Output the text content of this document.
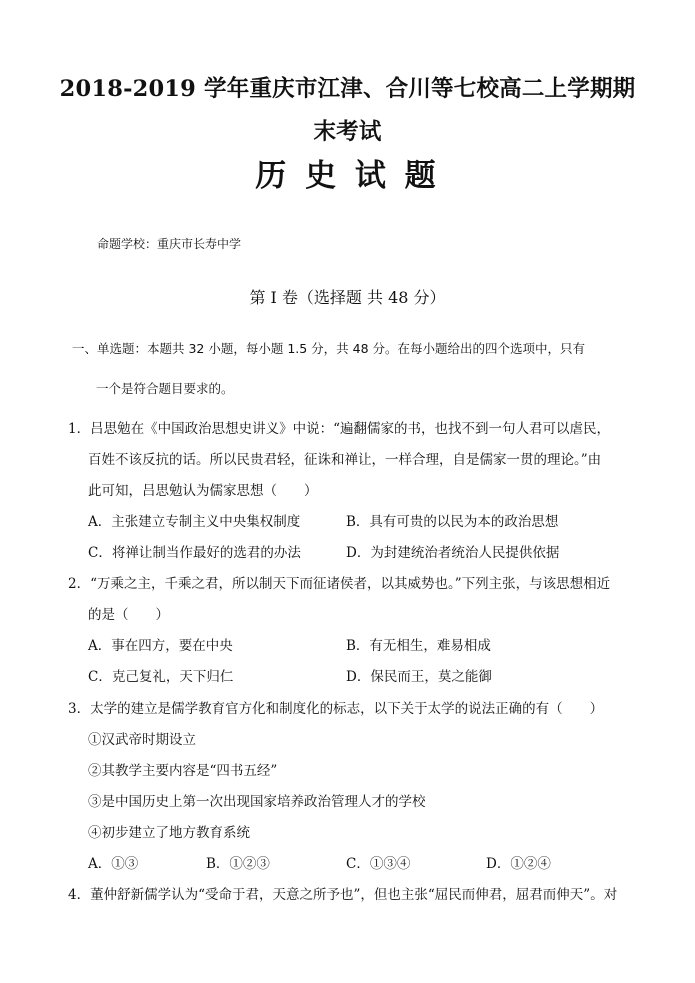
2018-2019 学年重庆市江津、合川等七校高二上学期期
末考试
历 史 试 题
命题学校：重庆市长寿中学
第 I 卷（选择题 共 48 分）
一、单选题：本题共 32 小题，每小题 1.5 分，共 48 分。在每小题给出的四个选项中，只有
一个是符合题目要求的。
1．吕思勉在《中国政治思想史讲义》中说：“遍翻儒家的书，也找不到一句人君可以虐民，
百姓不该反抗的话。所以民贵君轻，征诛和禅让，一样合理，自是儒家一贯的理论。”由
此可知，吕思勉认为儒家思想（　　）
A．主张建立专制主义中央集权制度	B．具有可贵的以民为本的政治思想
C．将禅让制当作最好的选君的办法	D．为封建统治者统治人民提供依据
2．“万乘之主，千乘之君，所以制天下而征诸侯者，以其威势也。”下列主张，与该思想相近
的是（　　）
A．事在四方，要在中央	B．有无相生，难易相成
C．克己复礼，天下归仁	D．保民而王，莫之能御
3．太学的建立是儒学教育官方化和制度化的标志，以下关于太学的说法正确的有（　　）
①汉武帝时期设立
②其教学主要内容是“四书五经”
③是中国历史上第一次出现国家培养政治管理人才的学校
④初步建立了地方教育系统
A．①③	B．①②③	C．①③④	D．①②④
4．董仲舒新儒学认为“受命于君，天意之所予也”，但也主张“屈民而伸君，屈君而伸天”。对
